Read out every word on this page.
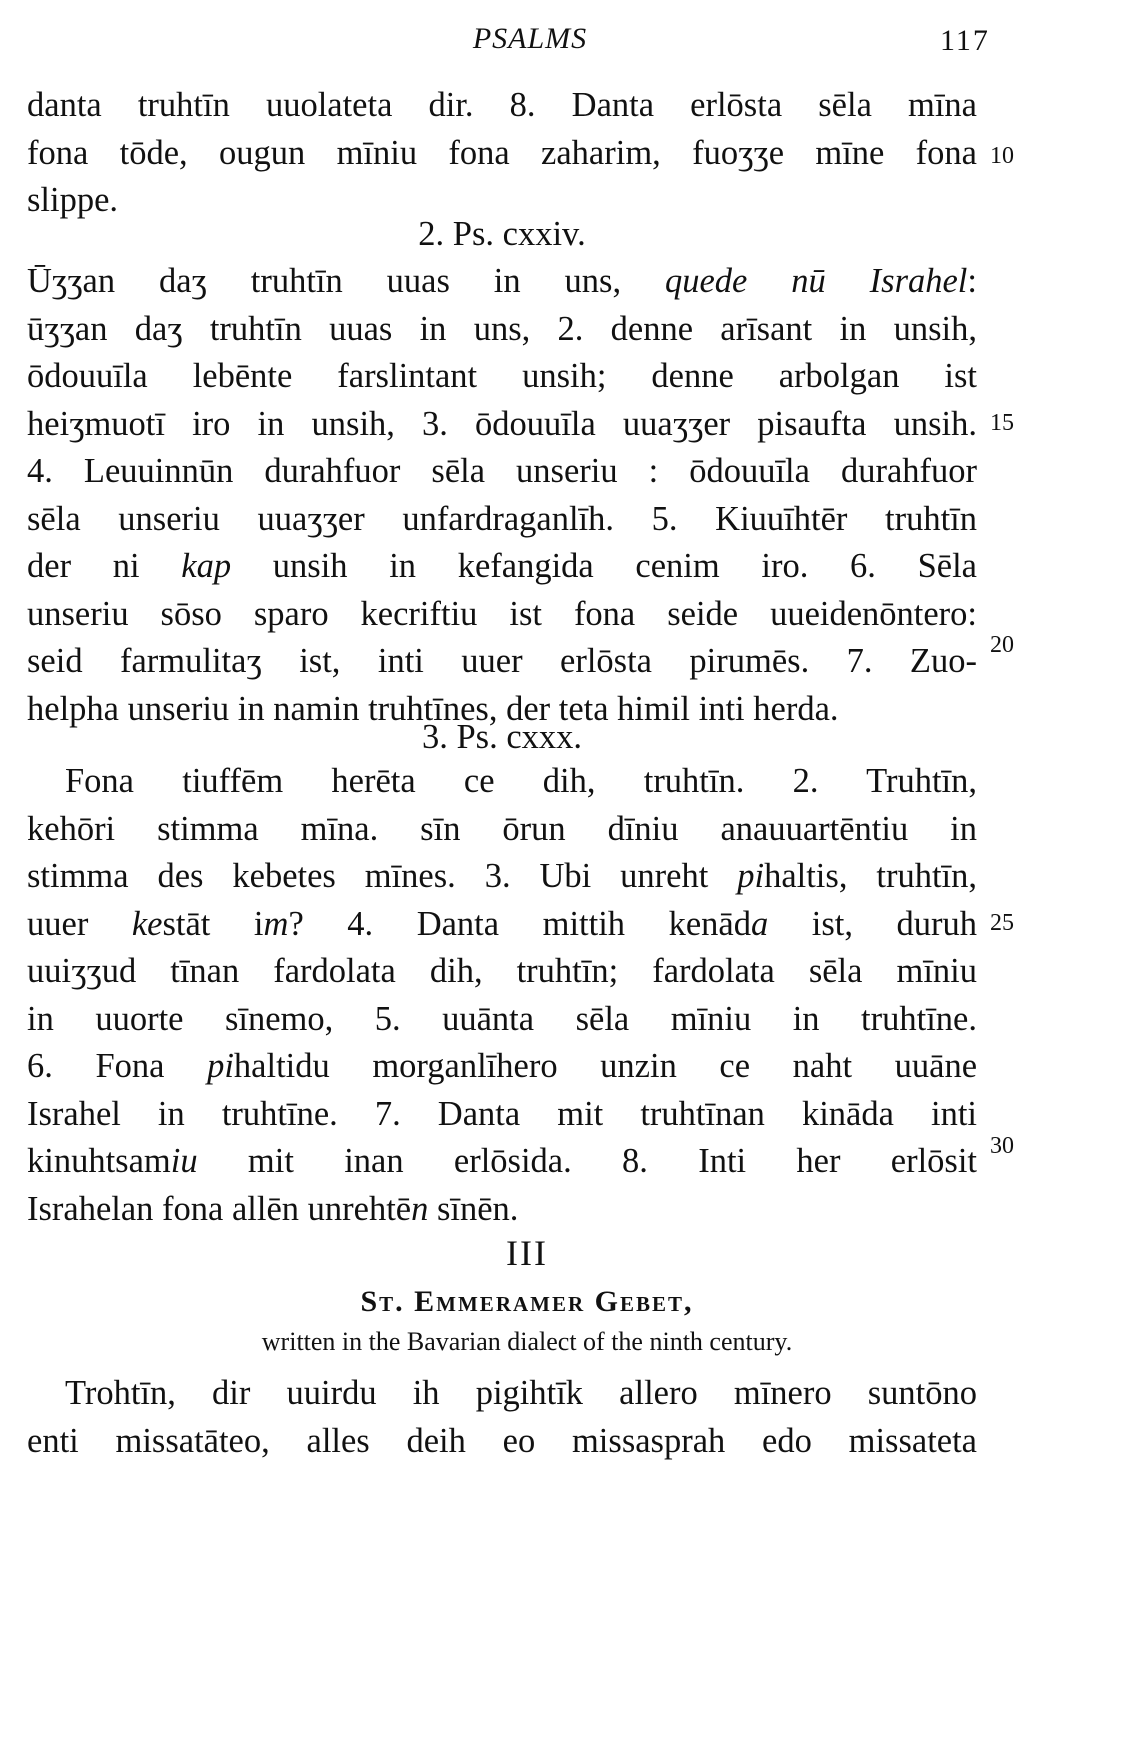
PSALMS	117
danta truhtīn uuolateta dir. 8. Danta erlōsta sēla mīna
fona tōde, ougun mīniu fona zaharim, fuoʒʒe mīne fona
slippe.
10
2. Ps. cxxiv.
Ūʒʒan daʒ truhtīn uuas in uns, quede nū Israhel:
ūʒʒan daʒ truhtīn uuas in uns, 2. denne arīsant in unsih,
ōdouuīla lebēnte farslintant unsih; denne arbolgan ist
heiʒmuotī iro in unsih, 3. ōdouuīla uuaʒʒer pisaufta unsih.
4. Leuuinnūn durahfuor sēla unseriu : ōdouuīla durahfuor
sēla unseriu uuaʒʒer unfardraganlīh. 5. Kiuuīhtēr truhtīn
der ni kap unsih in kefangida cenim iro. 6. Sēla
unseriu sōso sparo kecriftiu ist fona seide uueidenōntero:
seid farmulitaʒ ist, inti uuer erlōsta pirumēs. 7. Zuo-
helpha unseriu in namin truhtīnes, der teta himil inti herda.
15
20
3. Ps. cxxx.
Fona tiuffēm herēta ce dih, truhtīn. 2. Truhtīn,
kehōri stimma mīna. sīn ōrun dīniu anauuartēntiu in
stimma des kebetes mīnes. 3. Ubi unreht pihaltis, truhtīn,
uuer kestāt im? 4. Danta mittih kenāda ist, duruh
uuiʒʒud tīnan fardolata dih, truhtīn; fardolata sēla mīniu
in uuorte sīnemo, 5. uuānta sēla mīniu in truhtīne.
6. Fona pihaltidu morganlīhero unzin ce naht uuāne
Israhel in truhtīne. 7. Danta mit truhtīnan kināda inti
kinuhtsamiu mit inan erlōsida. 8. Inti her erlōsit
Israhelan fona allēn unrehtēn sīnēn.
25
30
III
St. Emmeramer Gebet,
written in the Bavarian dialect of the ninth century.
Trohtīn, dir uuirdu ih pigihtīk allero mīnero suntōno
enti missatāteo, alles deih eo missasprah edo missateta
